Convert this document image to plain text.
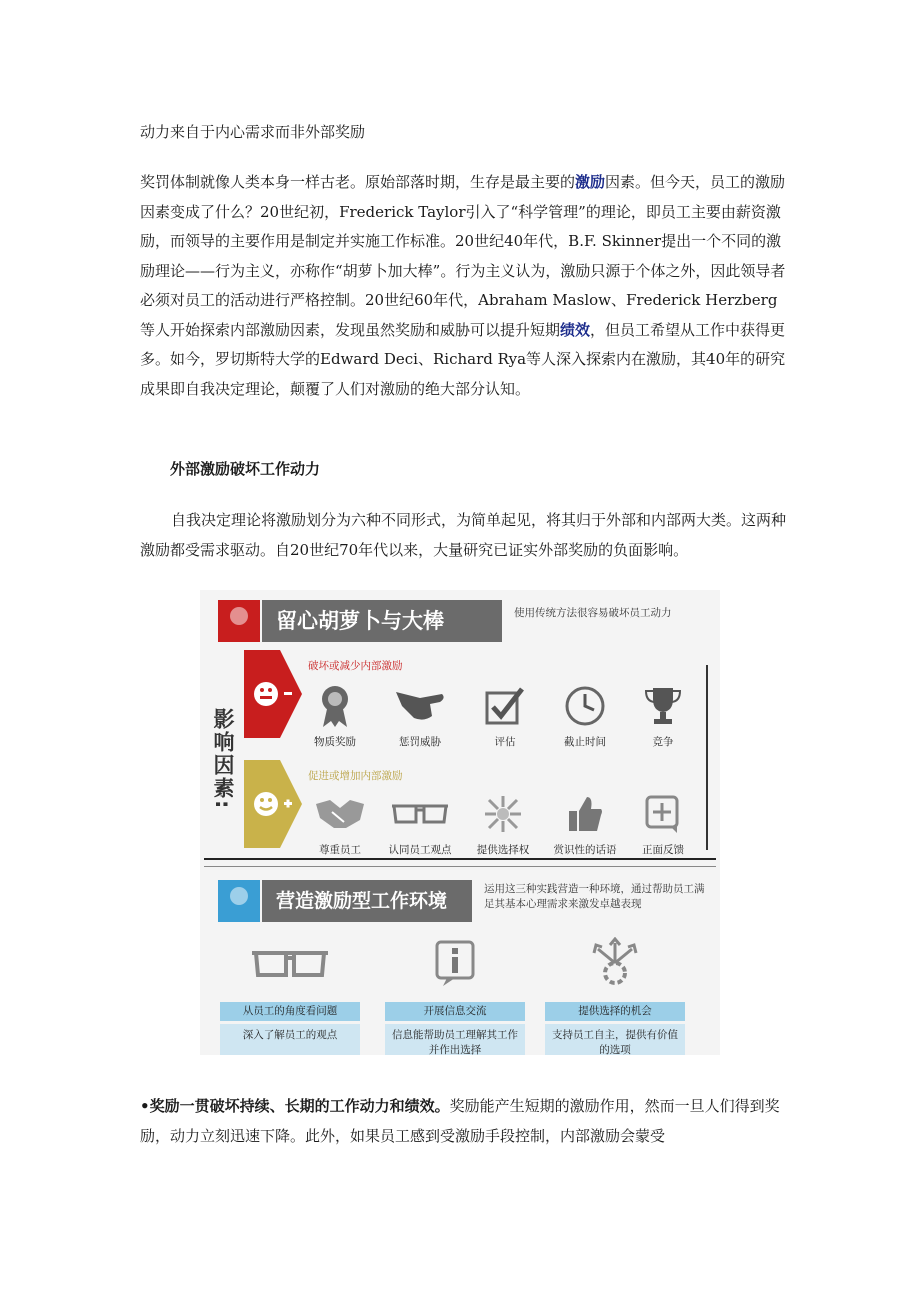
动力来自于内心需求而非外部奖励

奖罚体制就像人类本身一样古老。原始部落时期，生存是最主要的激励因素。但今天，员工的激励因素变成了什么？20世纪初，Frederick Taylor引入了“科学管理”的理论，即员工主要由薪资激励，而领导的主要作用是制定并实施工作标准。20世纪40年代，B.F. Skinner提出一个不同的激励理论——行为主义，亦称作“胡萝卜加大棒”。行为主义认为，激励只源于个体之外，因此领导者必须对员工的活动进行严格控制。20世纪60年代，Abraham Maslow、Frederick Herzberg等人开始探索内部激励因素，发现虽然奖励和威胁可以提升短期绩效，但员工希望从工作中获得更多。如今，罗切斯特大学的Edward Deci、Richard Rya等人深入探索内在激励，其40年的研究成果即自我决定理论，颠覆了人们对激励的绝大部分认知。

外部激励破坏工作动力

自我决定理论将激励划分为六种不同形式，为简单起见，将其归于外部和内部两大类。这两种激励都受需求驱动。自20世纪70年代以来，大量研究已证实外部奖励的负面影响。

留心胡萝卜与大棒	使用传统方法很容易破坏员工动力
影响因素:
破坏或减少内部激励
促进或增加内部激励
物质奖励	惩罚威胁	评估	截止时间	竞争
尊重员工	认同员工观点	提供选择权	赏识性的话语	正面反馈
营造激励型工作环境
运用这三种实践营造一种环境，通过帮助员工满足其基本心理需求来激发卓越表现
从员工的角度看问题
深入了解员工的观点
开展信息交流
信息能帮助员工理解其工作并作出选择
提供选择的机会
支持员工自主，提供有价值的选项

•奖励一贯破坏持续、长期的工作动力和绩效。奖励能产生短期的激励作用，然而一旦人们得到奖励，动力立刻迅速下降。此外，如果员工感到受激励手段控制，内部激励会蒙受
